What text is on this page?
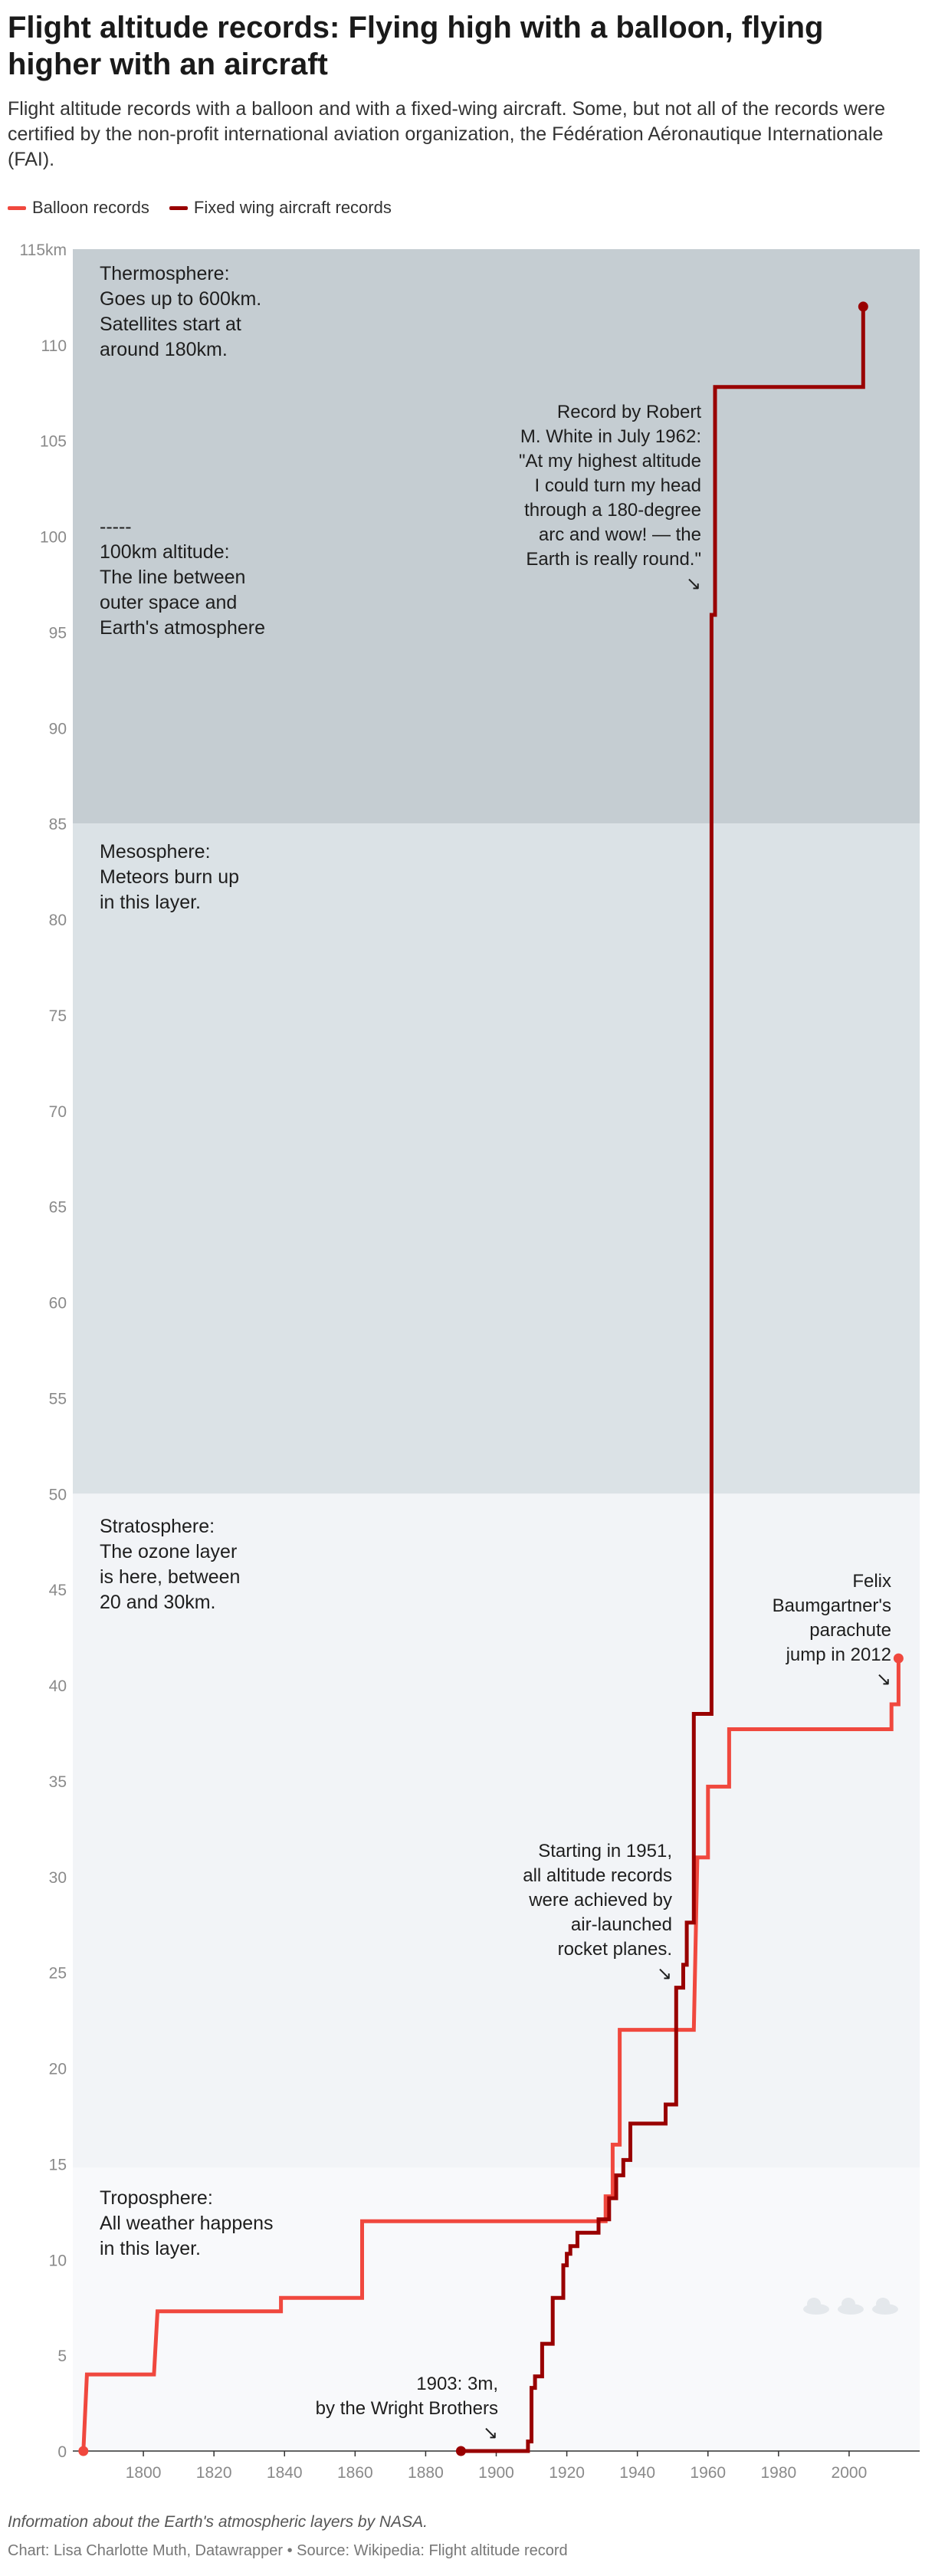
Flight altitude records: Flying high with a balloon, flying higher with an aircraft

Flight altitude records with a balloon and with a fixed-wing aircraft. Some, but not all of the records were certified by the non-profit international aviation organization, the Fédération Aéronautique Internationale (FAI).

Balloon records	Fixed wing aircraft records
0
5
10
15
20
25
30
35
40
45
50
55
60
65
70
75
80
85
90
95
100
105
110
115km
1800 1820 1840 1860 1880 1900 1920 1940 1960 1980 2000
Thermosphere: Goes up to 600km. Satellites start at around 180km.
-----100km altitude: The line between outer space and Earth's atmosphere
Mesosphere: Meteors burn up in this layer.
Stratosphere: The ozone layer is here, between 20 and 30km.
Troposphere: All weather happens in this layer.
Record by Robert M. White in July 1962: "At my highest altitude I could turn my head through a 180-degree arc and wow! — the Earth is really round." ↘
Felix Baumgartner's parachute jump in 2012 ↘
Starting in 1951, all altitude records were achieved by air-launched rocket planes. ↘
1903: 3m, by the Wright Brothers ↘
Information about the Earth's atmospheric layers by NASA.
Chart: Lisa Charlotte Muth, Datawrapper • Source: Wikipedia: Flight altitude record
